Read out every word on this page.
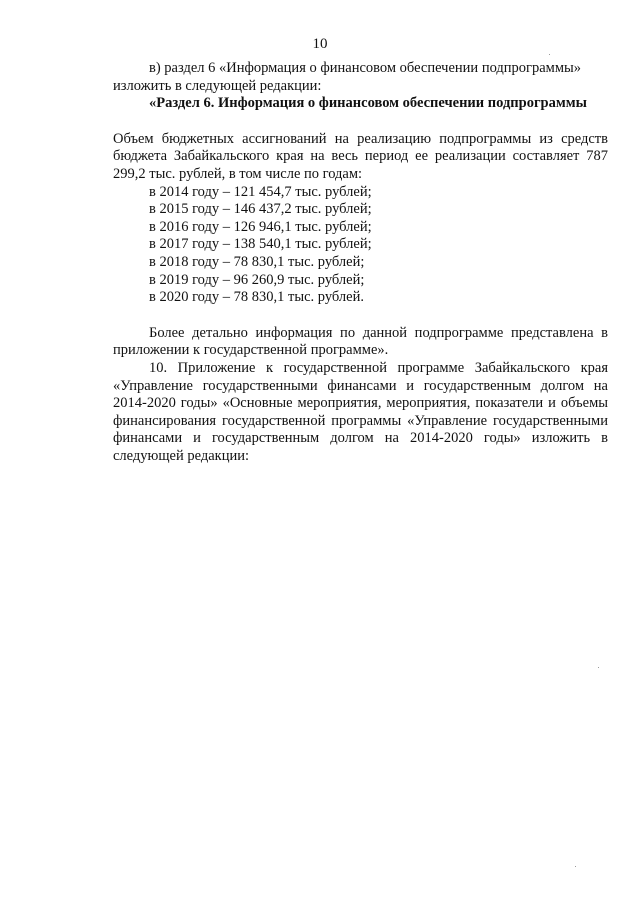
10

в) раздел 6 «Информация о финансовом обеспечении подпрограммы»

изложить в следующей редакции:

«Раздел 6. Информация о финансовом обеспечении подпрограммы

Объем бюджетных ассигнований на реализацию подпрограммы из средств бюджета Забайкальского края на весь период ее реализации составляет 787 299,2 тыс. рублей, в том числе по годам:

в 2014 году – 121 454,7 тыс. рублей;
в 2015 году – 146 437,2 тыс. рублей;
в 2016 году – 126 946,1 тыс. рублей;
в 2017 году – 138 540,1 тыс. рублей;
в 2018 году – 78 830,1 тыс. рублей;
в 2019 году – 96 260,9 тыс. рублей;
в 2020 году – 78 830,1 тыс. рублей.

Более детально информация по данной подпрограмме представлена в приложении к государственной программе».

10. Приложение к государственной программе Забайкальского края «Управление государственными финансами и государственным долгом на 2014-2020 годы» «Основные мероприятия, мероприятия, показатели и объемы финансирования государственной программы «Управление государственными финансами и государственным долгом на 2014-2020 годы» изложить в следующей редакции:
